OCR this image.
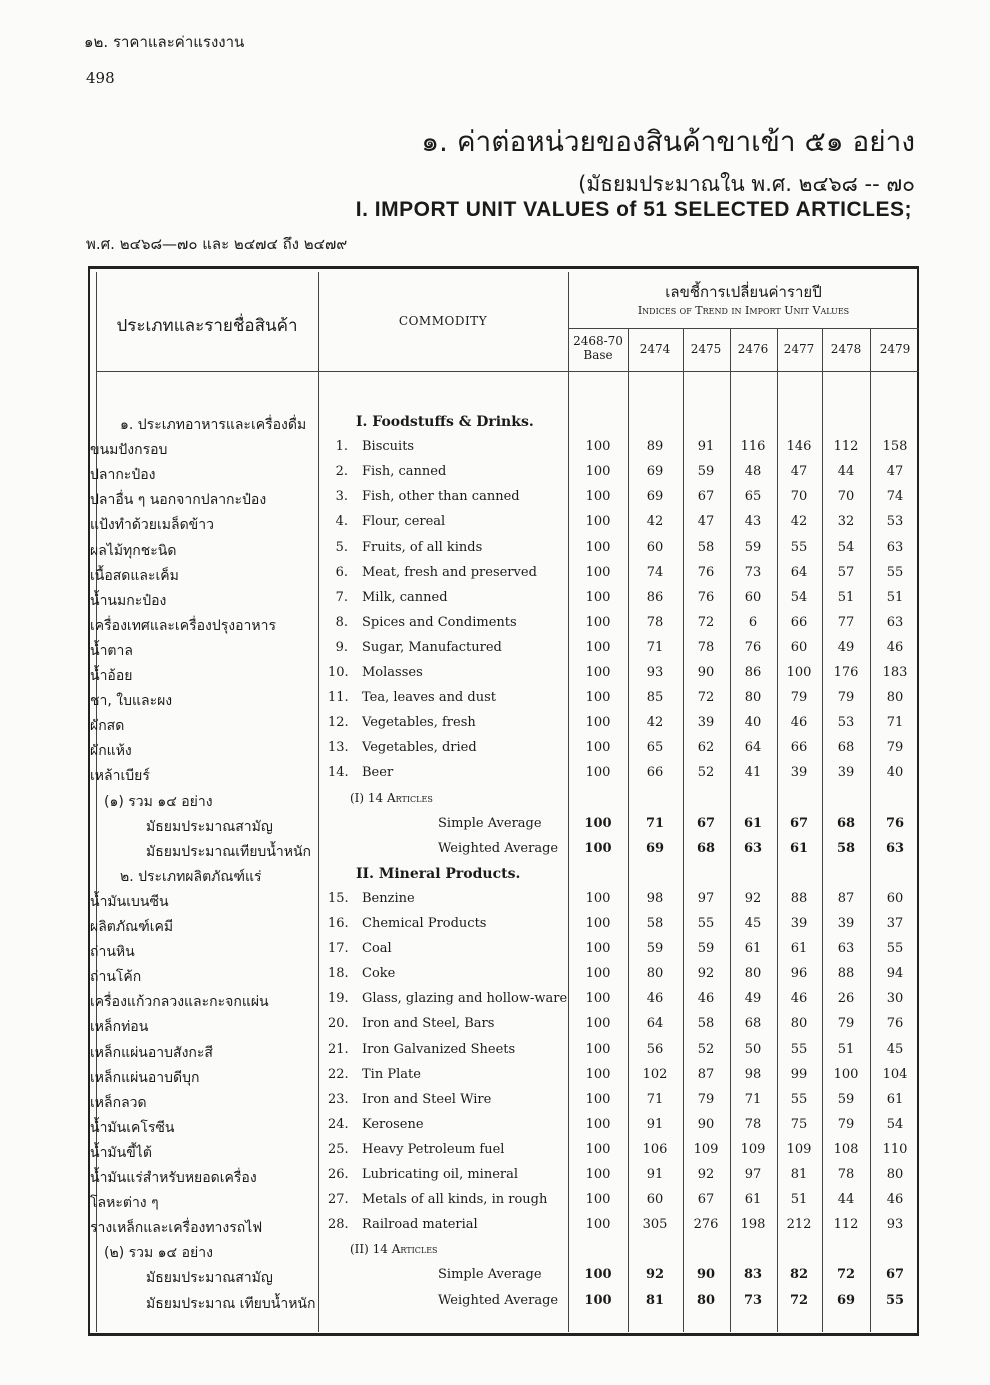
๑๒. ราคาและค่าแรงงาน
498
๑. ค่าต่อหน่วยของสินค้าขาเข้า ๕๑ อย่าง
(มัธยมประมาณใน พ.ศ. ๒๔๖๘ -- ๗๐
I. IMPORT UNIT VALUES of 51 SELECTED ARTICLES;
พ.ศ. ๒๔๖๘—๗๐ และ ๒๔๗๔ ถึง ๒๔๗๙
ประเภทและรายชื่อสินค้า	COMMODITY
เลขชี้การเปลี่ยนค่ารายปี
Indices of Trend in Import Unit Values
2468-70 Base	2474	2475	2476	2477	2478	2479
๑. ประเภทอาหารและเครื่องดื่ม	I. Foodstuffs & Drinks.
ขนมปังกรอบ	1. Biscuits	100	89	91	116	146	112	158
ปลากะป๋อง	2. Fish, canned	100	69	59	48	47	44	47
ปลาอื่น ๆ นอกจากปลากะป๋อง	3. Fish, other than canned	100	69	67	65	70	70	74
แป้งทำด้วยเมล็ดข้าว	4. Flour, cereal	100	42	47	43	42	32	53
ผลไม้ทุกชะนิด	5. Fruits, of all kinds	100	60	58	59	55	54	63
เนื้อสดและเค็ม	6. Meat, fresh and preserved	100	74	76	73	64	57	55
น้ำนมกะป๋อง	7. Milk, canned	100	86	76	60	54	51	51
เครื่องเทศและเครื่องปรุงอาหาร	8. Spices and Condiments	100	78	72	6	66	77	63
น้ำตาล	9. Sugar, Manufactured	100	71	78	76	60	49	46
น้ำอ้อย	10. Molasses	100	93	90	86	100	176	183
ชา, ใบและผง	11. Tea, leaves and dust	100	85	72	80	79	79	80
ผักสด	12. Vegetables, fresh	100	42	39	40	46	53	71
ผักแห้ง	13. Vegetables, dried	100	65	62	64	66	68	79
เหล้าเบียร์	14. Beer	100	66	52	41	39	39	40
(๑) รวม ๑๔ อย่าง	(I) 14 Articles
มัธยมประมาณสามัญ	Simple Average	100	71	67	61	67	68	76
มัธยมประมาณเทียบน้ำหนัก	Weighted Average	100	69	68	63	61	58	63
๒. ประเภทผลิตภัณฑ์แร่	II. Mineral Products.
น้ำมันเบนซีน	15. Benzine	100	98	97	92	88	87	60
ผลิตภัณฑ์เคมี	16. Chemical Products	100	58	55	45	39	39	37
ถ่านหิน	17. Coal	100	59	59	61	61	63	55
ถ่านโค้ก	18. Coke	100	80	92	80	96	88	94
เครื่องแก้วกลวงและกะจกแผ่น	19. Glass, glazing and hollow-ware	100	46	46	49	46	26	30
เหล็กท่อน	20. Iron and Steel, Bars	100	64	58	68	80	79	76
เหล็กแผ่นอาบสังกะสี	21. Iron Galvanized Sheets	100	56	52	50	55	51	45
เหล็กแผ่นอาบดีบุก	22. Tin Plate	100	102	87	98	99	100	104
เหล็กลวด	23. Iron and Steel Wire	100	71	79	71	55	59	61
น้ำมันเคโรซีน	24. Kerosene	100	91	90	78	75	79	54
น้ำมันขี้ไต้	25. Heavy Petroleum fuel	100	106	109	109	109	108	110
น้ำมันแร่สำหรับหยอดเครื่อง	26. Lubricating oil, mineral	100	91	92	97	81	78	80
โลหะต่าง ๆ	27. Metals of all kinds, in rough	100	60	67	61	51	44	46
รางเหล็กและเครื่องทางรถไฟ	28. Railroad material	100	305	276	198	212	112	93
(๒) รวม ๑๔ อย่าง	(II) 14 Articles
มัธยมประมาณสามัญ	Simple Average	100	92	90	83	82	72	67
มัธยมประมาณ เทียบน้ำหนัก	Weighted Average	100	81	80	73	72	69	55
